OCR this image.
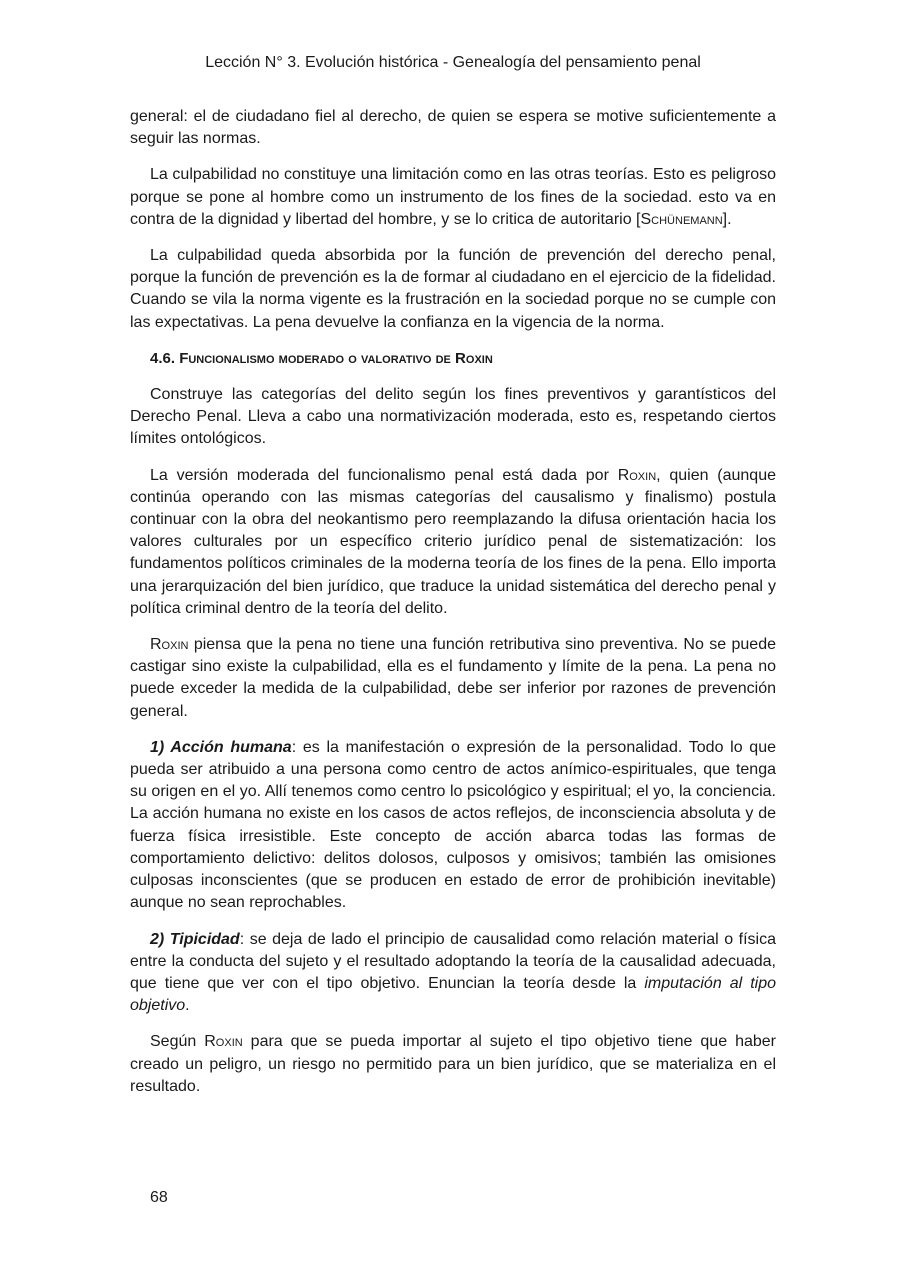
Lección N° 3. Evolución histórica - Genealogía del pensamiento penal

general: el de ciudadano fiel al derecho, de quien se espera se motive suficientemente a seguir las normas.

La culpabilidad no constituye una limitación como en las otras teorías. Esto es peligroso porque se pone al hombre como un instrumento de los fines de la sociedad. esto va en contra de la dignidad y libertad del hombre, y se lo critica de autoritario [Schünemann].

La culpabilidad queda absorbida por la función de prevención del derecho penal, porque la función de prevención es la de formar al ciudadano en el ejercicio de la fidelidad. Cuando se vila la norma vigente es la frustración en la sociedad porque no se cumple con las expectativas. La pena devuelve la confianza en la vigencia de la norma.

4.6. Funcionalismo moderado o valorativo de Roxin

Construye las categorías del delito según los fines preventivos y garantísticos del Derecho Penal. Lleva a cabo una normativización moderada, esto es, respetando ciertos límites ontológicos.

La versión moderada del funcionalismo penal está dada por Roxin, quien (aunque continúa operando con las mismas categorías del causalismo y finalismo) postula continuar con la obra del neokantismo pero reemplazando la difusa orientación hacia los valores culturales por un específico criterio jurídico penal de sistematización: los fundamentos políticos criminales de la moderna teoría de los fines de la pena. Ello importa una jerarquización del bien jurídico, que traduce la unidad sistemática del derecho penal y política criminal dentro de la teoría del delito.

Roxin piensa que la pena no tiene una función retributiva sino preventiva. No se puede castigar sino existe la culpabilidad, ella es el fundamento y límite de la pena. La pena no puede exceder la medida de la culpabilidad, debe ser inferior por razones de prevención general.

1) Acción humana: es la manifestación o expresión de la personalidad. Todo lo que pueda ser atribuido a una persona como centro de actos anímico-espirituales, que tenga su origen en el yo. Allí tenemos como centro lo psicológico y espiritual; el yo, la conciencia. La acción humana no existe en los casos de actos reflejos, de inconsciencia absoluta y de fuerza física irresistible. Este concepto de acción abarca todas las formas de comportamiento delictivo: delitos dolosos, culposos y omisivos; también las omisiones culposas inconscientes (que se producen en estado de error de prohibición inevitable) aunque no sean reprochables.

2) Tipicidad: se deja de lado el principio de causalidad como relación material o física entre la conducta del sujeto y el resultado adoptando la teoría de la causalidad adecuada, que tiene que ver con el tipo objetivo. Enuncian la teoría desde la imputación al tipo objetivo.

Según Roxin para que se pueda importar al sujeto el tipo objetivo tiene que haber creado un peligro, un riesgo no permitido para un bien jurídico, que se materializa en el resultado.

68
